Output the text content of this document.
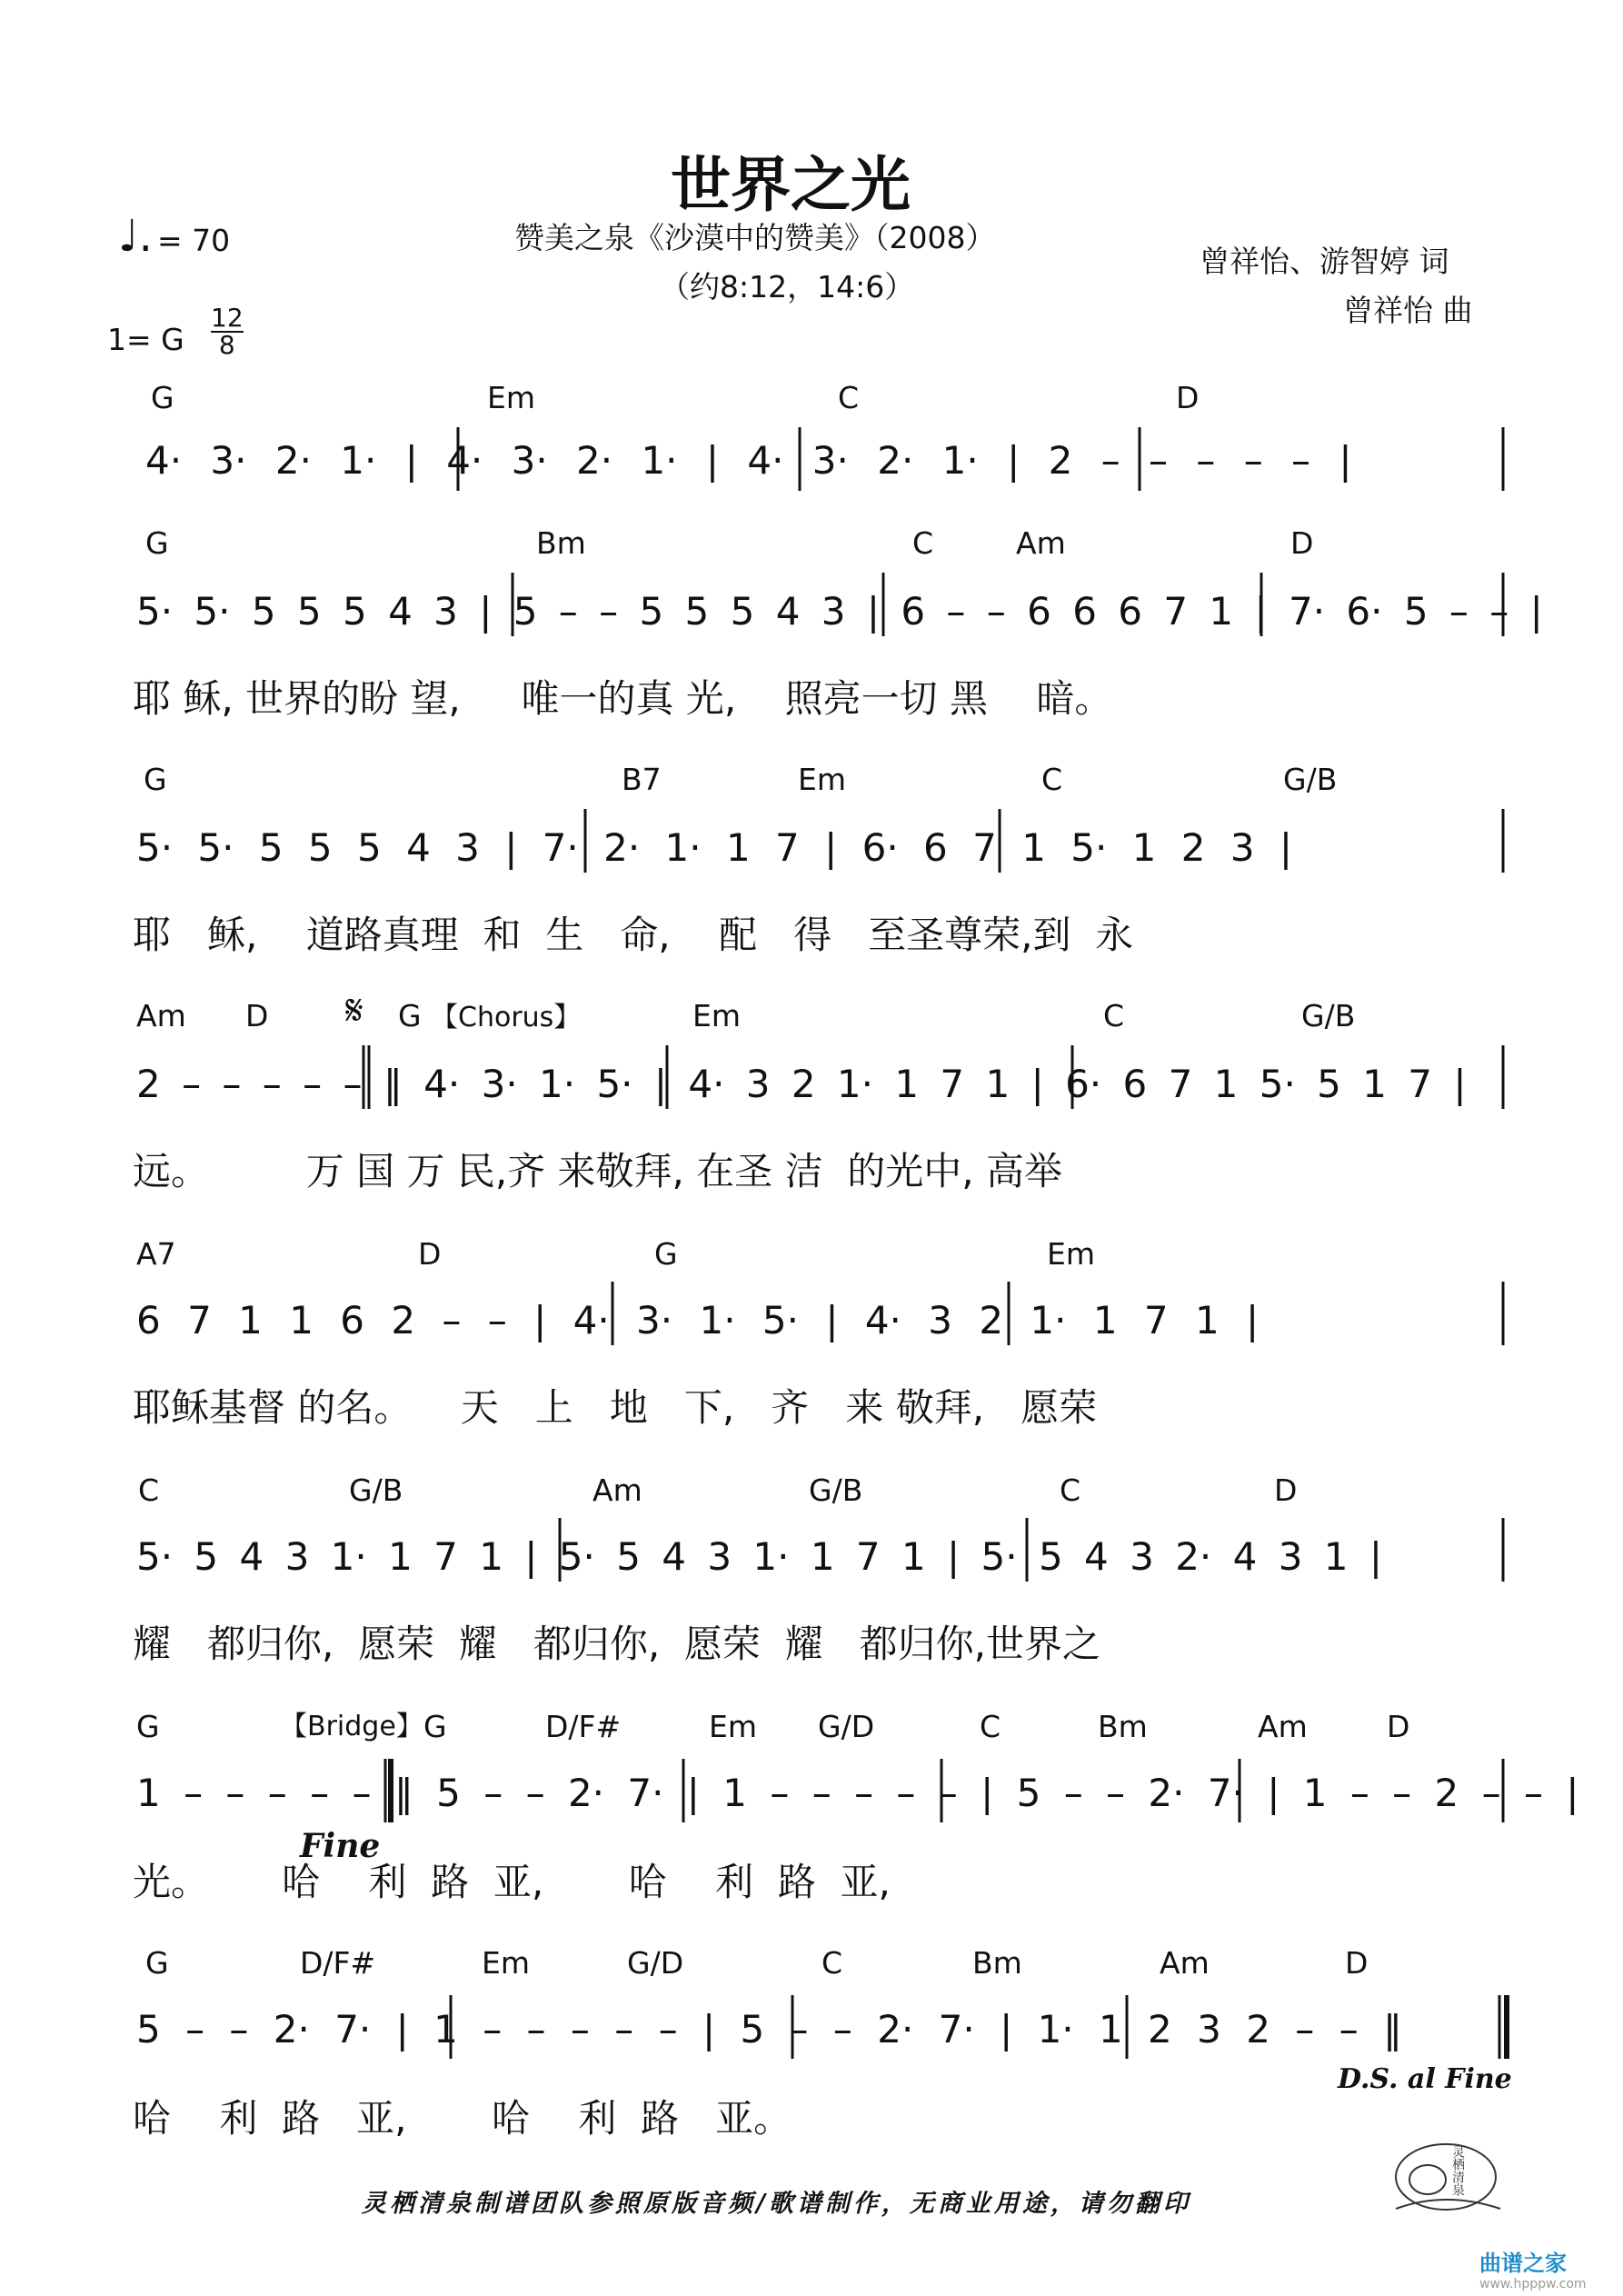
世界之光
♩. = 70	赞美之泉《沙漠中的赞美》（2008）
（约8:12，14:6）
曾祥怡、游智婷 词
曾祥怡 曲
1= G
12
8
G	Em	C	D
4· 3· 2· 1· | 4· 3· 2· 1· | 4· 3· 2· 1· | 2 – – – – – |
G	Bm	C	Am	D
5· 5· 5 5 5 4 3 | 5 – – 5 5 5 4 3 | 6 – – 6 6 6 7 1 | 7· 6· 5 – – |
耶 稣, 世界的盼 望,     唯一的真 光,    照亮一切 黑    暗。
G	B7	Em	C	G/B
5· 5· 5 5 5 4 3 | 7· 2· 1· 1 7 | 6· 6 7 1 5· 1 2 3 |
耶   稣,    道路真理  和  生   命,    配   得   至圣尊荣,到  永
Am D 𝄋 G 【Chorus】	Em	C	G/B
2 – – – – – ‖ 4· 3· 1· 5· | 4· 3 2 1· 1 7 1 | 6· 6 7 1 5· 5 1 7 |
远。        万 国 万 民,齐 来敬拜, 在圣 洁  的光中, 高举
A7	D	G	Em
6 7 1 1 6 2 – – | 4· 3· 1· 5· | 4· 3 2 1· 1 7 1 |
耶稣基督 的名。    天   上   地   下,   齐   来 敬拜,   愿荣
C	G/B	Am	G/B	C	D
5· 5 4 3 1· 1 7 1 | 5· 5 4 3 1· 1 7 1 | 5· 5 4 3 2· 4 3 1 |
耀   都归你,  愿荣  耀   都归你,  愿荣  耀   都归你,世界之
G	【Bridge】 G	D/F#	Em G/D	C	Bm	Am	D
1 – – – – – ‖ 5 – – 2· 7· | 1 – – – – – | 5 – – 2· 7· | 1 – – 2 – – |
Fine
光。      哈    利  路  亚,       哈    利  路  亚,
G	D/F#	Em	G/D	C	Bm	Am	D
5 – – 2· 7· | 1 – – – – – | 5 – – 2· 7· | 1· 1 2 3 2 – – ‖
D.S. al Fine
哈    利  路   亚,       哈    利  路   亚。
灵栖清泉制谱团队参照原版音频/歌谱制作，无商业用途，请勿翻印
灵栖清泉
曲谱之家
www.hpppw.com
